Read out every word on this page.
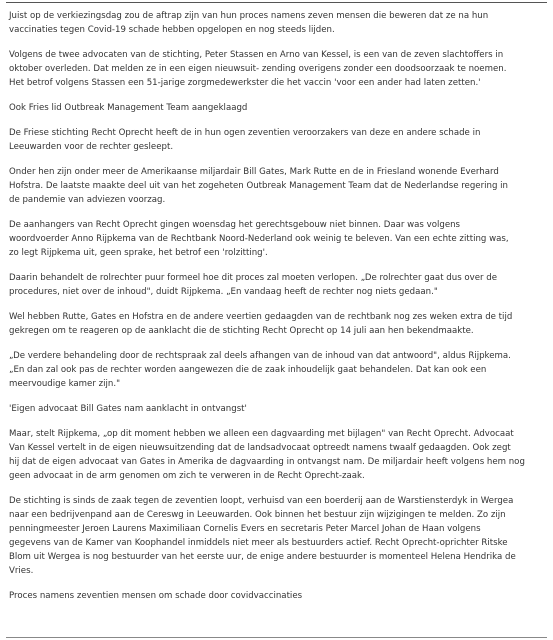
Juist op de verkiezingsdag zou de aftrap zijn van hun proces namens zeven mensen die beweren dat ze na hun
vaccinaties tegen Covid-19 schade hebben opgelopen en nog steeds lijden.

Volgens de twee advocaten van de stichting, Peter Stassen en Arno van Kessel, is een van de zeven slachtoffers in
oktober overleden. Dat melden ze in een eigen nieuwsuit- zending overigens zonder een doodsoorzaak te noemen.
Het betrof volgens Stassen een 51-jarige zorgmedewerkster die het vaccin 'voor een ander had laten zetten.'

Ook Fries lid Outbreak Management Team aangeklaagd

De Friese stichting Recht Oprecht heeft de in hun ogen zeventien veroorzakers van deze en andere schade in
Leeuwarden voor de rechter gesleept.

Onder hen zijn onder meer de Amerikaanse miljardair Bill Gates, Mark Rutte en de in Friesland wonende Everhard
Hofstra. De laatste maakte deel uit van het zogeheten Outbreak Management Team dat de Nederlandse regering in
de pandemie van adviezen voorzag.

De aanhangers van Recht Oprecht gingen woensdag het gerechtsgebouw niet binnen. Daar was volgens
woordvoerder Anno Rijpkema van de Rechtbank Noord-Nederland ook weinig te beleven. Van een echte zitting was,
zo legt Rijpkema uit, geen sprake, het betrof een 'rolzitting'.

Daarin behandelt de rolrechter puur formeel hoe dit proces zal moeten verlopen. „De rolrechter gaat dus over de
procedures, niet over de inhoud", duidt Rijpkema. „En vandaag heeft de rechter nog niets gedaan."

Wel hebben Rutte, Gates en Hofstra en de andere veertien gedaagden van de rechtbank nog zes weken extra de tijd
gekregen om te reageren op de aanklacht die de stichting Recht Oprecht op 14 juli aan hen bekendmaakte.

„De verdere behandeling door de rechtspraak zal deels afhangen van de inhoud van dat antwoord", aldus Rijpkema.
„En dan zal ook pas de rechter worden aangewezen die de zaak inhoudelijk gaat behandelen. Dat kan ook een
meervoudige kamer zijn."

'Eigen advocaat Bill Gates nam aanklacht in ontvangst'

Maar, stelt Rijpkema, „op dit moment hebben we alleen een dagvaarding met bijlagen" van Recht Oprecht. Advocaat
Van Kessel vertelt in de eigen nieuwsuitzending dat de landsadvocaat optreedt namens twaalf gedaagden. Ook zegt
hij dat de eigen advocaat van Gates in Amerika de dagvaarding in ontvangst nam. De miljardair heeft volgens hem nog
geen advocaat in de arm genomen om zich te verweren in de Recht Oprecht-zaak.

De stichting is sinds de zaak tegen de zeventien loopt, verhuisd van een boerderij aan de Warstiensterdyk in Wergea
naar een bedrijvenpand aan de Cereswg in Leeuwarden. Ook binnen het bestuur zijn wijzigingen te melden. Zo zijn
penningmeester Jeroen Laurens Maximiliaan Cornelis Evers en secretaris Peter Marcel Johan de Haan volgens
gegevens van de Kamer van Koophandel inmiddels niet meer als bestuurders actief. Recht Oprecht-oprichter Ritske
Blom uit Wergea is nog bestuurder van het eerste uur, de enige andere bestuurder is momenteel Helena Hendrika de
Vries.

Proces namens zeventien mensen om schade door covidvaccinaties
